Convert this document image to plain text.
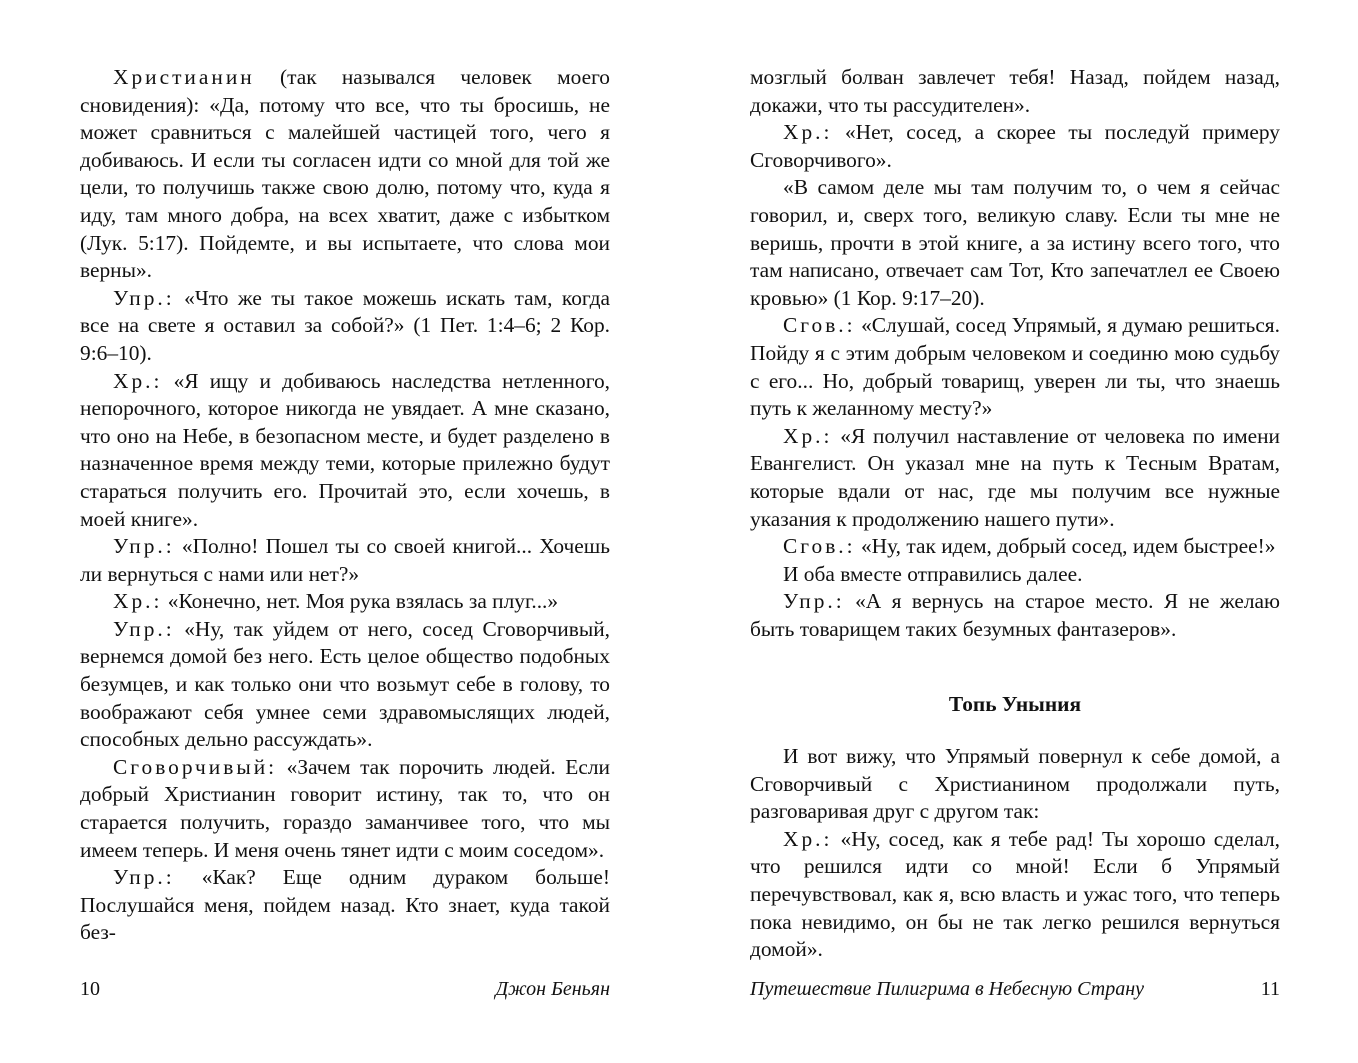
Христианин (так назывался человек моего сновидения): «Да, потому что все, что ты бросишь, не может сравниться с малейшей частицей того, чего я добиваюсь. И если ты согласен идти со мной для той же цели, то получишь также свою долю, потому что, куда я иду, там много добра, на всех хватит, даже с избытком (Лук. 5:17). Пойдемте, и вы испытаете, что слова мои верны».

Упр.: «Что же ты такое можешь искать там, когда все на свете я оставил за собой?» (1 Пет. 1:4–6; 2 Кор. 9:6–10).

Хр.: «Я ищу и добиваюсь наследства нетленного, непорочного, которое никогда не увядает. А мне сказано, что оно на Небе, в безопасном месте, и будет разделено в назначенное время между теми, которые прилежно будут стараться получить его. Прочитай это, если хочешь, в моей книге».

Упр.: «Полно! Пошел ты со своей книгой... Хочешь ли вернуться с нами или нет?»

Хр.: «Конечно, нет. Моя рука взялась за плуг...»

Упр.: «Ну, так уйдем от него, сосед Сговорчивый, вернемся домой без него. Есть целое общество подобных безумцев, и как только они что возьмут себе в голову, то воображают себя умнее семи здравомыслящих людей, способных дельно рассуждать».

Сговорчивый: «Зачем так порочить людей. Если добрый Христианин говорит истину, так то, что он старается получить, гораздо заманчивее того, что мы имеем теперь. И меня очень тянет идти с моим соседом».

Упр.: «Как? Еще одним дураком больше! Послушайся меня, пойдем назад. Кто знает, куда такой без-

10	Джон Беньян

мозглый болван завлечет тебя! Назад, пойдем назад, докажи, что ты рассудителен».

Хр.: «Нет, сосед, а скорее ты последуй примеру Сговорчивого».

«В самом деле мы там получим то, о чем я сейчас говорил, и, сверх того, великую славу. Если ты мне не веришь, прочти в этой книге, а за истину всего того, что там написано, отвечает сам Тот, Кто запечатлел ее Своею кровью» (1 Кор. 9:17–20).

Сгов.: «Слушай, сосед Упрямый, я думаю решиться. Пойду я с этим добрым человеком и соединю мою судьбу с его... Но, добрый товарищ, уверен ли ты, что знаешь путь к желанному месту?»

Хр.: «Я получил наставление от человека по имени Евангелист. Он указал мне на путь к Тесным Вратам, которые вдали от нас, где мы получим все нужные указания к продолжению нашего пути».

Сгов.: «Ну, так идем, добрый сосед, идем быстрее!»

И оба вместе отправились далее.

Упр.: «А я вернусь на старое место. Я не желаю быть товарищем таких безумных фантазеров».

Топь Уныния

И вот вижу, что Упрямый повернул к себе домой, а Сговорчивый с Христианином продолжали путь, разговаривая друг с другом так:

Хр.: «Ну, сосед, как я тебе рад! Ты хорошо сделал, что решился идти со мной! Если б Упрямый перечувствовал, как я, всю власть и ужас того, что теперь пока невидимо, он бы не так легко решился вернуться домой».

Путешествие Пилигрима в Небесную Страну	11
